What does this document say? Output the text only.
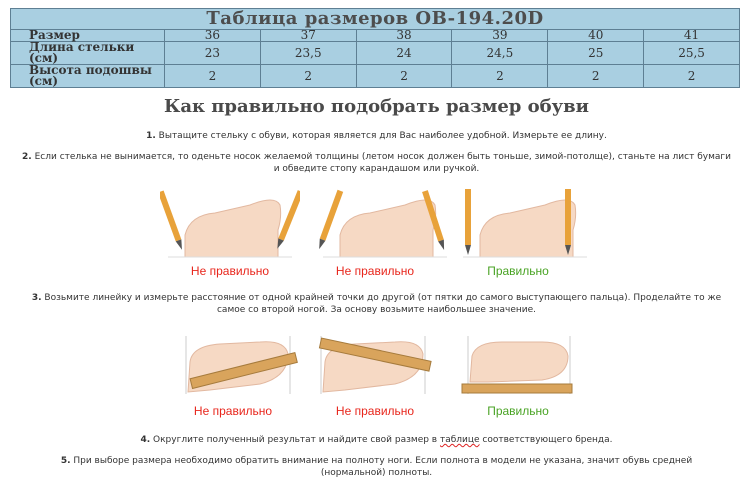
Таблица размеров OB-194.20D						
Размер	36	37	38	39	40	41
Длина стельки (см)	23	23,5	24	24,5	25	25,5
Высота подошвы (см)	2	2	2	2	2	2
Как правильно подобрать размер обуви
1. Вытащите стельку с обуви, которая является для Вас наиболее удобной. Измерьте ее длину.
2. Если стелька не вынимается, то оденьте носок желаемой толщины (летом носок должен быть тоньше, зимой-потолще), станьте на лист бумаги и обведите стопу карандашом или ручкой.
Не правильно	Не правильно	Правильно
3. Возьмите линейку и измерьте расстояние от одной крайней точки до другой (от пятки до самого выступающего пальца). Проделайте то же самое со второй ногой. За основу возьмите наибольшее значение.
Не правильно	Не правильно	Правильно
4. Округлите полученный результат и найдите свой размер в таблице соответствующего бренда.
5. При выборе размера необходимо обратить внимание на полноту ноги. Если полнота в модели не указана, значит обувь средней (нормальной) полноты.
